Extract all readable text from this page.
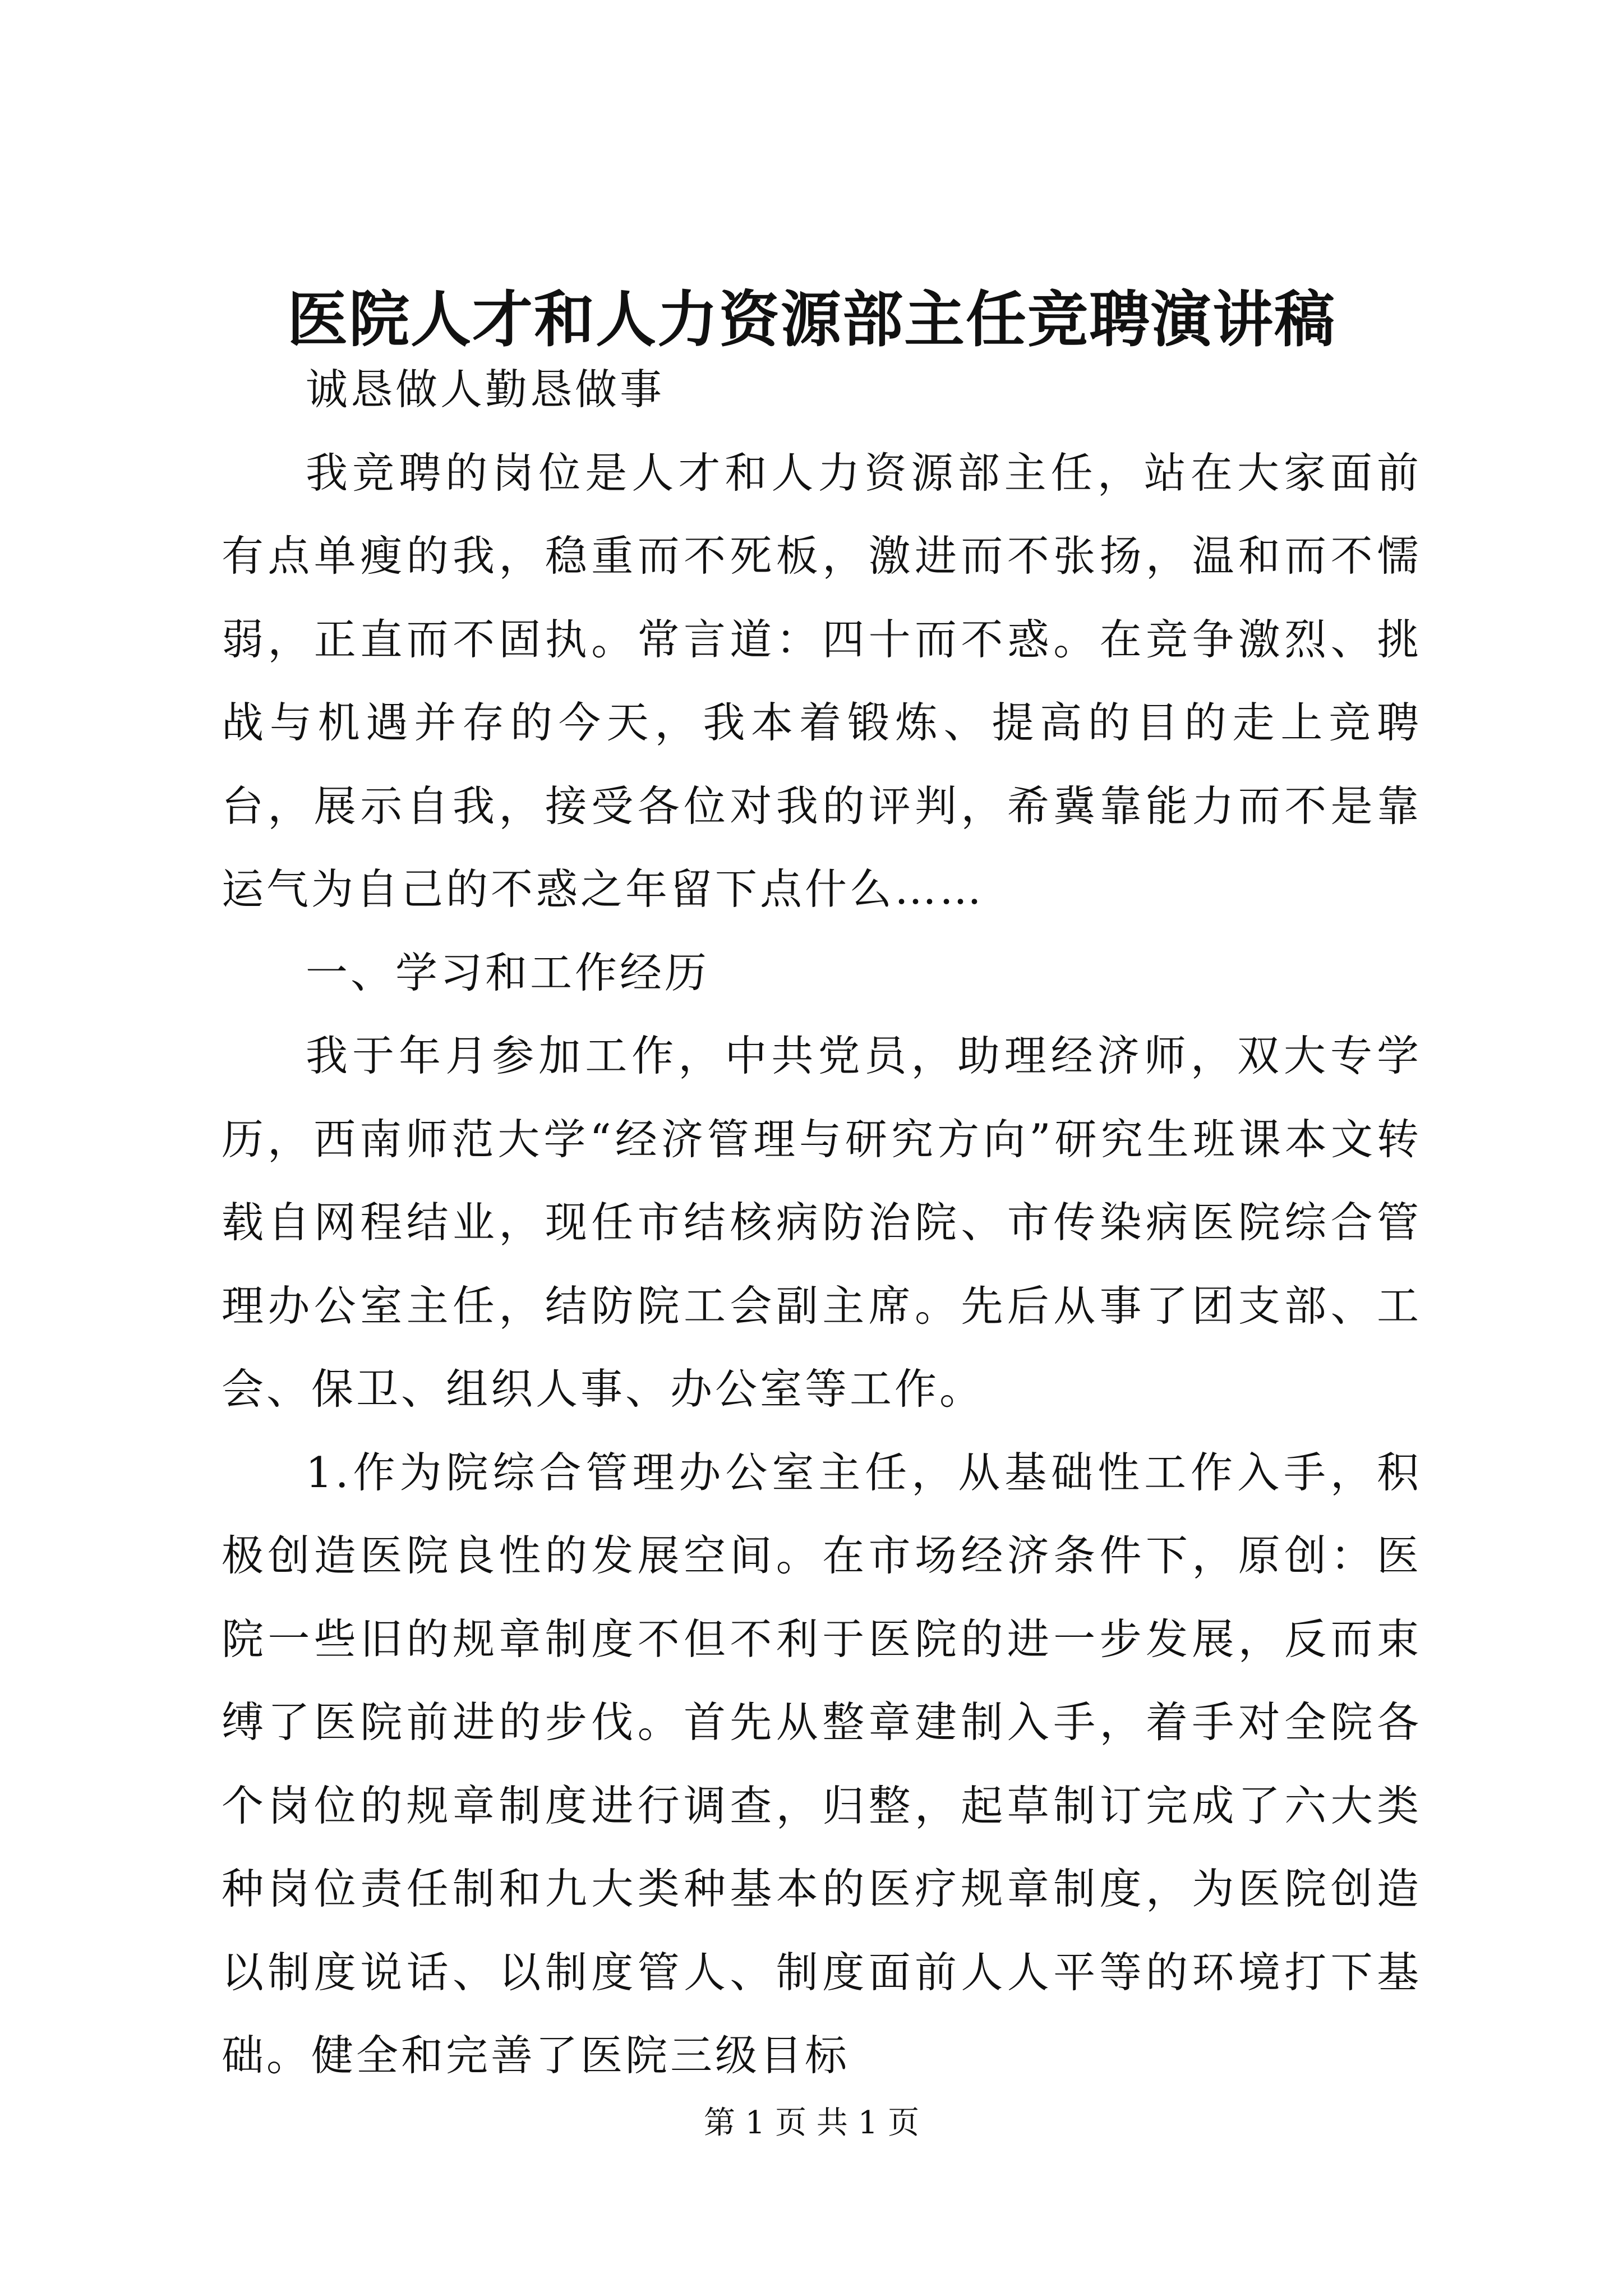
医院人才和人力资源部主任竞聘演讲稿

诚恳做人勤恳做事

我竞聘的岗位是人才和人力资源部主任，站在大家面前有点单瘦的我，稳重而不死板，激进而不张扬，温和而不懦弱，正直而不固执。常言道：四十而不惑。在竞争激烈、挑战与机遇并存的今天，我本着锻炼、提高的目的走上竞聘台，展示自我，接受各位对我的评判，希冀靠能力而不是靠运气为自己的不惑之年留下点什么……

一、学习和工作经历

我于年月参加工作，中共党员，助理经济师，双大专学历，西南师范大学“经济管理与研究方向”研究生班课本文转载自网程结业，现任市结核病防治院、市传染病医院综合管理办公室主任，结防院工会副主席。先后从事了团支部、工会、保卫、组织人事、办公室等工作。

1.作为院综合管理办公室主任，从基础性工作入手，积极创造医院良性的发展空间。在市场经济条件下，原创：医院一些旧的规章制度不但不利于医院的进一步发展，反而束缚了医院前进的步伐。首先从整章建制入手，着手对全院各个岗位的规章制度进行调查，归整，起草制订完成了六大类种岗位责任制和九大类种基本的医疗规章制度，为医院创造以制度说话、以制度管人、制度面前人人平等的环境打下基础。健全和完善了医院三级目标

第 1 页 共 1 页
